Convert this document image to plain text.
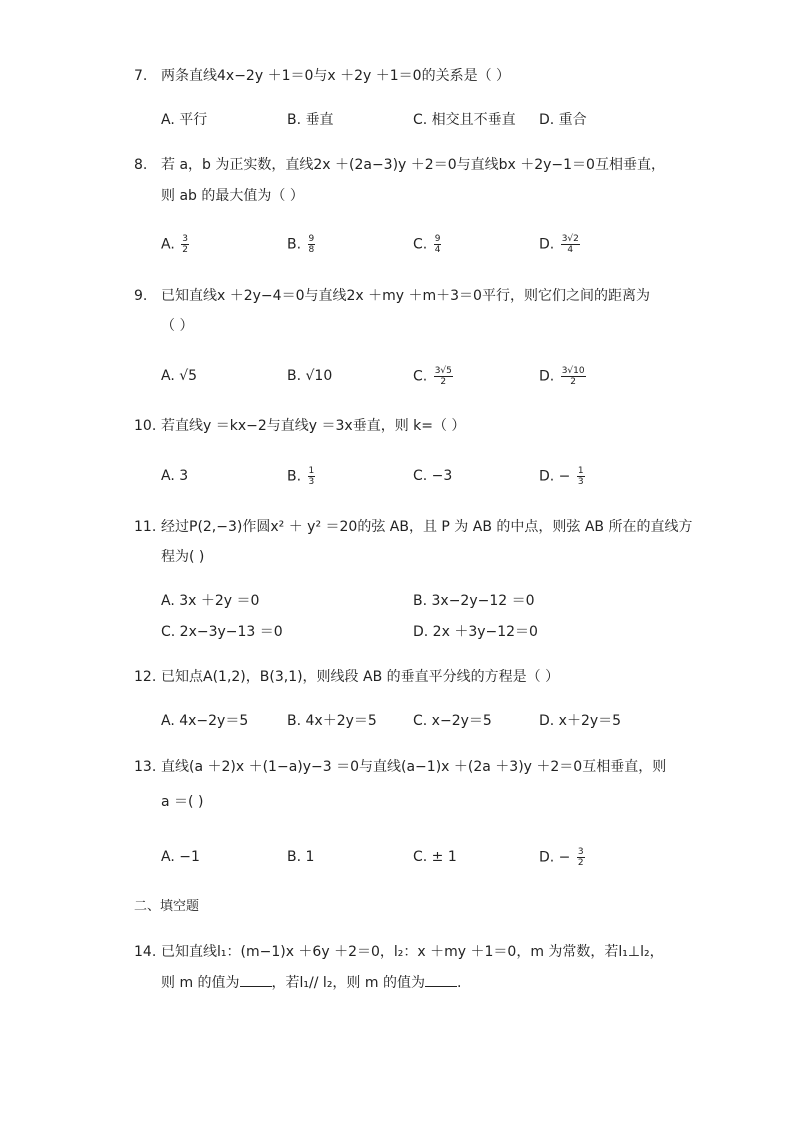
7. 两条直线4x−2y ＋1＝0与x ＋2y ＋1＝0的关系是（ ）
A. 平行	B. 垂直	C. 相交且不垂直 D. 重合
8. 若 a，b 为正实数，直线2x ＋(2a−3)y ＋2＝0与直线bx ＋2y−1＝0互相垂直，
则 ab 的最大值为（ ）
A. $\frac{3}{2}$	B. $\frac{9}{8}$	C. $\frac{9}{4}$	D. $\frac{3√2}{4}$
9. 已知直线x ＋2y−4＝0与直线2x ＋my ＋m＋3＝0平行，则它们之间的距离为
（ ）
A. √5	B. √10	C. $\frac{3√5}{2}$	D. $\frac{3√10}{2}$
10. 若直线y ＝kx−2与直线y ＝3x垂直，则 k=（ ）
A. 3	B. $\frac{1}{3}$	C. −3	D. − $\frac{1}{3}$
11. 经过P(2,−3)作圆x² ＋ y² ＝20的弦 AB，且 P 为 AB 的中点，则弦 AB 所在的直线方
程为( )
A. 3x ＋2y ＝0	B. 3x−2y−12 ＝0
C. 2x−3y−13 ＝0	D. 2x ＋3y−12＝0
12. 已知点A(1,2)，B(3,1)，则线段 AB 的垂直平分线的方程是（ ）
A. 4x−2y＝5	B. 4x＋2y＝5	C. x−2y＝5	D. x＋2y＝5
13. 直线(a ＋2)x ＋(1−a)y−3 ＝0与直线(a−1)x ＋(2a ＋3)y ＋2＝0互相垂直，则
a ＝( )
A. −1	B. 1	C. ± 1	D. − $\frac{3}{2}$
二、填空题
14. 已知直线l₁：(m−1)x ＋6y ＋2＝0，l₂：x ＋my ＋1＝0，m 为常数，若l₁⊥l₂，
则 m 的值为 ，若l₁// l₂，则 m 的值为 .
